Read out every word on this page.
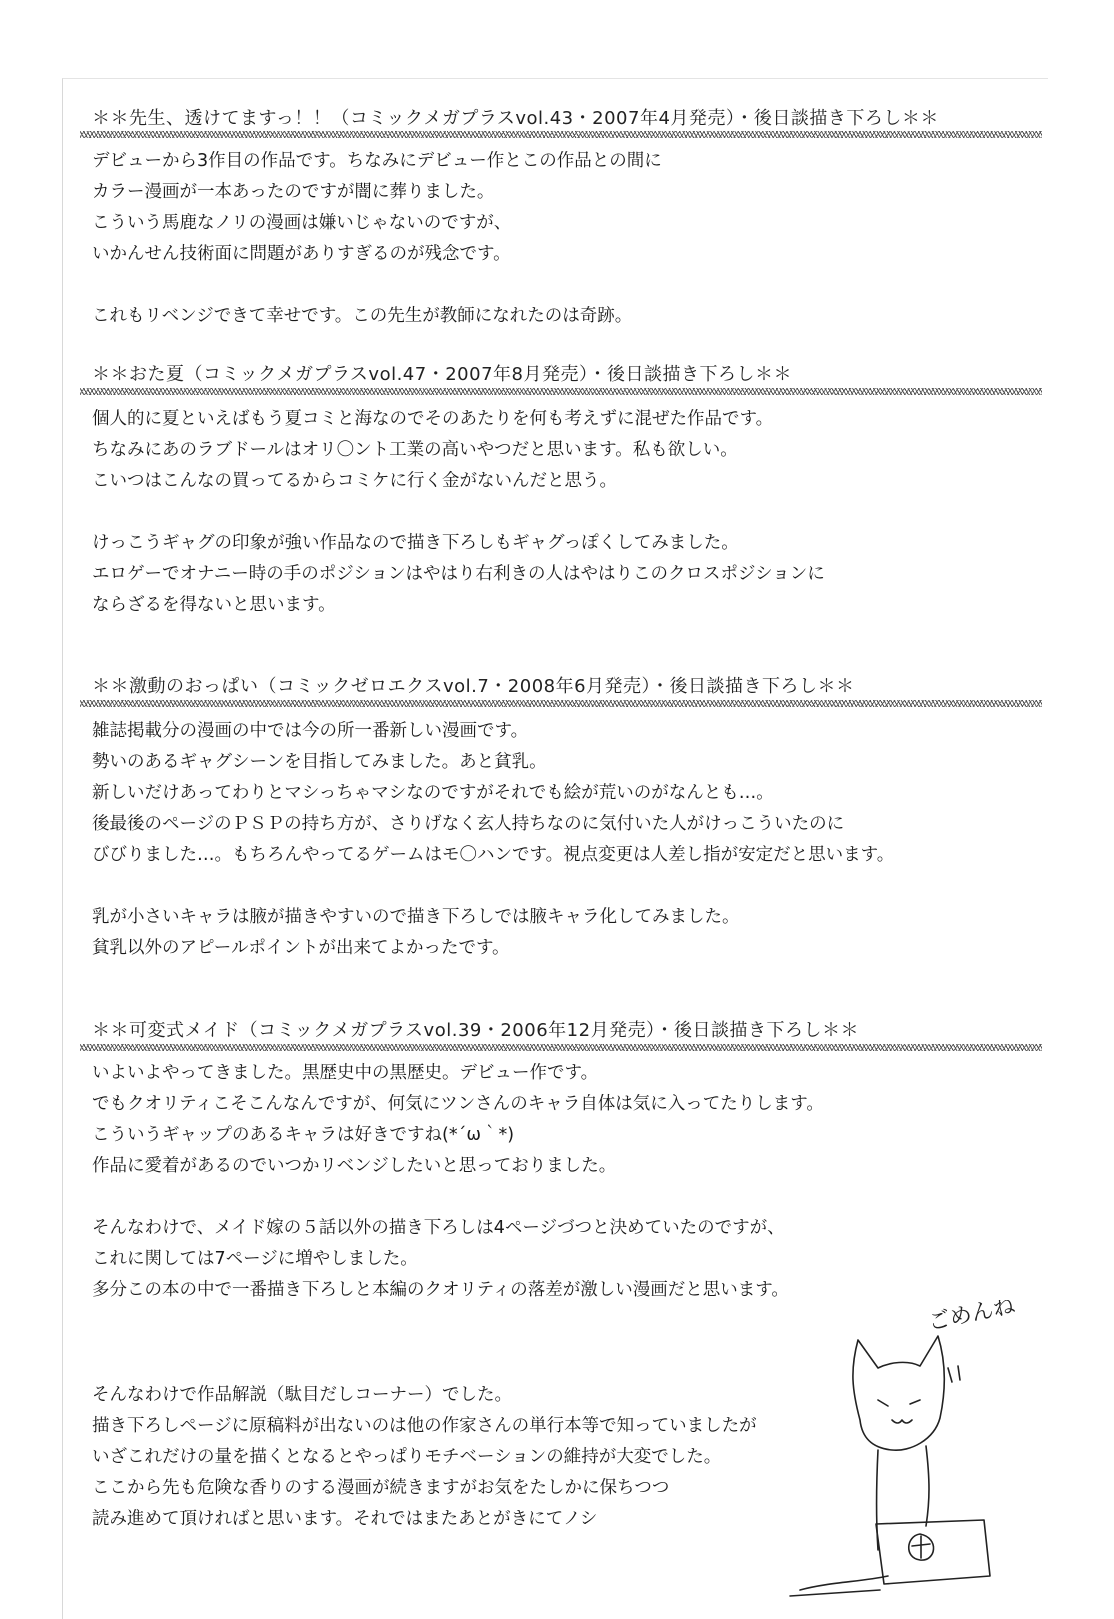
＊＊先生、透けてますっ！！（コミックメガプラスvol.43・2007年4月発売）・後日談描き下ろし＊＊

デビューから3作目の作品です。ちなみにデビュー作とこの作品との間に

カラー漫画が一本あったのですが闇に葬りました。

こういう馬鹿なノリの漫画は嫌いじゃないのですが、

いかんせん技術面に問題がありすぎるのが残念です。

これもリベンジできて幸せです。この先生が教師になれたのは奇跡。

＊＊おた夏（コミックメガプラスvol.47・2007年8月発売）・後日談描き下ろし＊＊

個人的に夏といえばもう夏コミと海なのでそのあたりを何も考えずに混ぜた作品です。

ちなみにあのラブドールはオリ〇ント工業の高いやつだと思います。私も欲しい。

こいつはこんなの買ってるからコミケに行く金がないんだと思う。

けっこうギャグの印象が強い作品なので描き下ろしもギャグっぽくしてみました。

エロゲーでオナニー時の手のポジションはやはり右利きの人はやはりこのクロスポジションに

ならざるを得ないと思います。

＊＊激動のおっぱい（コミックゼロエクスvol.7・2008年6月発売）・後日談描き下ろし＊＊

雑誌掲載分の漫画の中では今の所一番新しい漫画です。

勢いのあるギャグシーンを目指してみました。あと貧乳。

新しいだけあってわりとマシっちゃマシなのですがそれでも絵が荒いのがなんとも…。

後最後のページのＰＳＰの持ち方が、さりげなく玄人持ちなのに気付いた人がけっこういたのに

びびりました…。もちろんやってるゲームはモ〇ハンです。視点変更は人差し指が安定だと思います。

乳が小さいキャラは腋が描きやすいので描き下ろしでは腋キャラ化してみました。

貧乳以外のアピールポイントが出来てよかったです。

＊＊可変式メイド（コミックメガプラスvol.39・2006年12月発売）・後日談描き下ろし＊＊

いよいよやってきました。黒歴史中の黒歴史。デビュー作です。

でもクオリティこそこんなんですが、何気にツンさんのキャラ自体は気に入ってたりします。

こういうギャップのあるキャラは好きですね(*´ω｀*)

作品に愛着があるのでいつかリベンジしたいと思っておりました。

そんなわけで、メイド嫁の５話以外の描き下ろしは4ページづつと決めていたのですが、

これに関しては7ページに増やしました。

多分この本の中で一番描き下ろしと本編のクオリティの落差が激しい漫画だと思います。

そんなわけで作品解説（駄目だしコーナー）でした。

描き下ろしページに原稿料が出ないのは他の作家さんの単行本等で知っていましたが

いざこれだけの量を描くとなるとやっぱりモチベーションの維持が大変でした。

ここから先も危険な香りのする漫画が続きますがお気をたしかに保ちつつ

読み進めて頂ければと思います。それではまたあとがきにてノシ

ごめんね
